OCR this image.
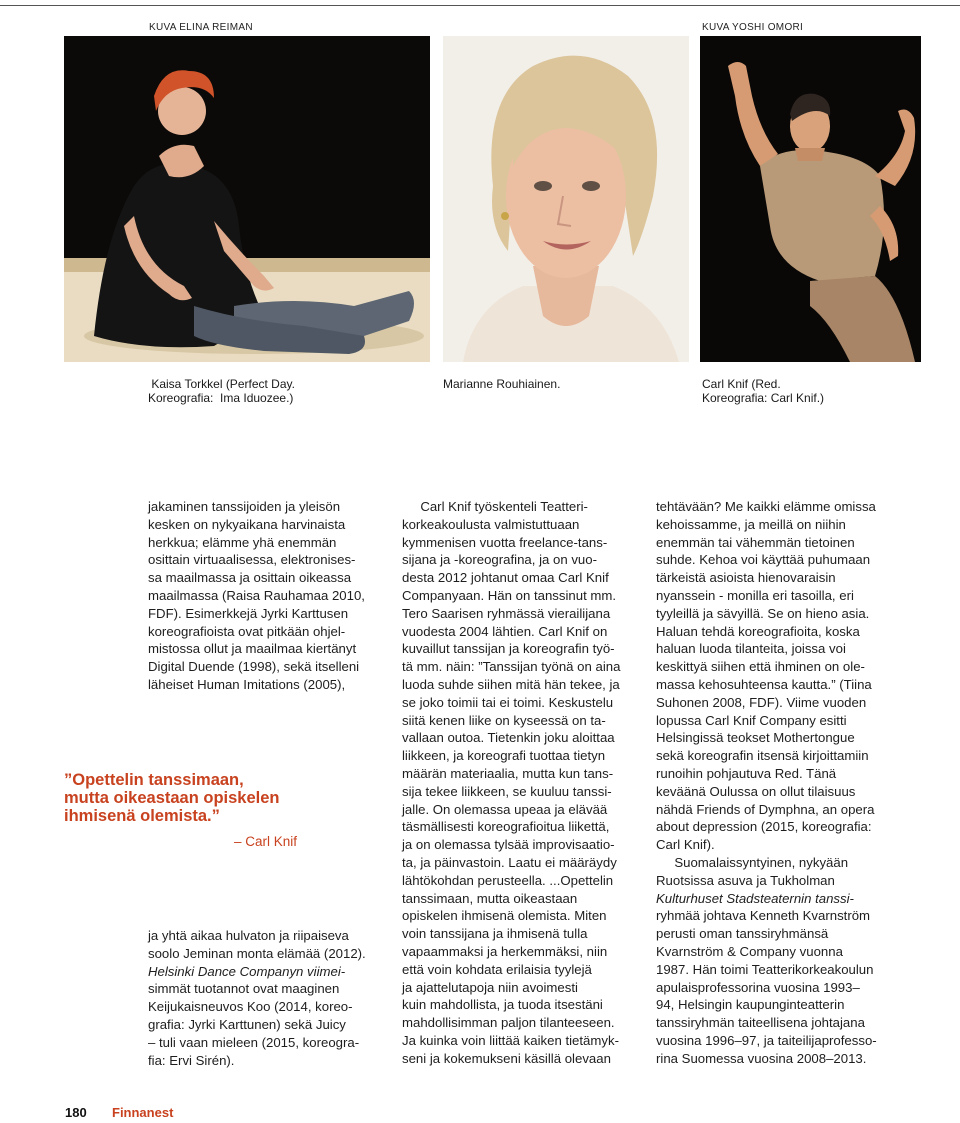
KUVA ELINA REIMAN	KUVA YOSHI OMORI
Kaisa Torkkel (Perfect Day.
Koreografia:  Ima Iduozee.)
Marianne Rouhiainen.	Carl Knif (Red.
Koreografia: Carl Knif.)

jakaminen tanssijoiden ja yleisön

kesken on nykyaikana harvinaista

herkkua; elämme yhä enemmän

osittain virtuaalisessa, elektronises-

sa maailmassa ja osittain oikeassa

maailmassa (Raisa Rauhamaa 2010,

FDF). Esimerkkejä Jyrki Karttusen

koreografioista ovat pitkään ohjel-

mistossa ollut ja maailmaa kiertänyt

Digital Duende (1998), sekä itselleni

läheiset Human Imitations (2005),

”Opettelin tanssimaan,
mutta oikeastaan opiskelen
ihmisenä olemista.”
– Carl Knif

ja yhtä aikaa hulvaton ja riipaiseva

soolo Jeminan monta elämää (2012).

Helsinki Dance Companyn viimei-

simmät tuotannot ovat maaginen

Keijukaisneuvos Koo (2014, koreo-

grafia: Jyrki Karttunen) sekä Juicy

– tuli vaan mieleen (2015, koreogra-

fia: Ervi Sirén).

Carl Knif työskenteli Teatteri-

korkeakoulusta valmistuttuaan

kymmenisen vuotta freelance-tans-

sijana ja -koreografina, ja on vuo-

desta 2012 johtanut omaa Carl Knif

Companyaan. Hän on tanssinut mm.

Tero Saarisen ryhmässä vierailijana

vuodesta 2004 lähtien. Carl Knif on

kuvaillut tanssijan ja koreografin työ-

tä mm. näin: ”Tanssijan työnä on aina

luoda suhde siihen mitä hän tekee, ja

se joko toimii tai ei toimi. Keskustelu

siitä kenen liike on kyseessä on ta-

vallaan outoa. Tietenkin joku aloittaa

liikkeen, ja koreografi tuottaa tietyn

määrän materiaalia, mutta kun tans-

sija tekee liikkeen, se kuuluu tanssi-

jalle. On olemassa upeaa ja elävää

täsmällisesti koreografioitua liikettä,

ja on olemassa tylsää improvisaatio-

ta, ja päinvastoin. Laatu ei määräydy

lähtökohdan perusteella. ...Opettelin

tanssimaan, mutta oikeastaan

opiskelen ihmisenä olemista. Miten

voin tanssijana ja ihmisenä tulla

vapaammaksi ja herkemmäksi, niin

että voin kohdata erilaisia tyylejä

ja ajattelutapoja niin avoimesti

kuin mahdollista, ja tuoda itsestäni

mahdollisimman paljon tilanteeseen.

Ja kuinka voin liittää kaiken tietämyk-

seni ja kokemukseni käsillä olevaan

tehtävään? Me kaikki elämme omissa

kehoissamme, ja meillä on niihin

enemmän tai vähemmän tietoinen

suhde. Kehoa voi käyttää puhumaan

tärkeistä asioista hienovaraisin

nyanssein - monilla eri tasoilla, eri

tyyleillä ja sävyillä. Se on hieno asia.

Haluan tehdä koreografioita, koska

haluan luoda tilanteita, joissa voi

keskittyä siihen että ihminen on ole-

massa kehosuhteensa kautta.” (Tiina

Suhonen 2008, FDF). Viime vuoden

lopussa Carl Knif Company esitti

Helsingissä teokset Mothertongue

sekä koreografin itsensä kirjoittamiin

runoihin pohjautuva Red. Tänä

keväänä Oulussa on ollut tilaisuus

nähdä Friends of Dymphna, an opera

about depression (2015, koreografia:

Carl Knif).

Suomalaissyntyinen, nykyään

Ruotsissa asuva ja Tukholman

Kulturhuset Stadsteaternin tanssi-

ryhmää johtava Kenneth Kvarnström

perusti oman tanssiryhmänsä

Kvarnström & Company vuonna

1987. Hän toimi Teatterikorkeakoulun

apulaisprofessorina vuosina 1993–

94, Helsingin kaupunginteatterin

tanssiryhmän taiteellisena johtajana

vuosina 1996–97, ja taiteilijaprofesso-

rina Suomessa vuosina 2008–2013.

180 Finnanest
